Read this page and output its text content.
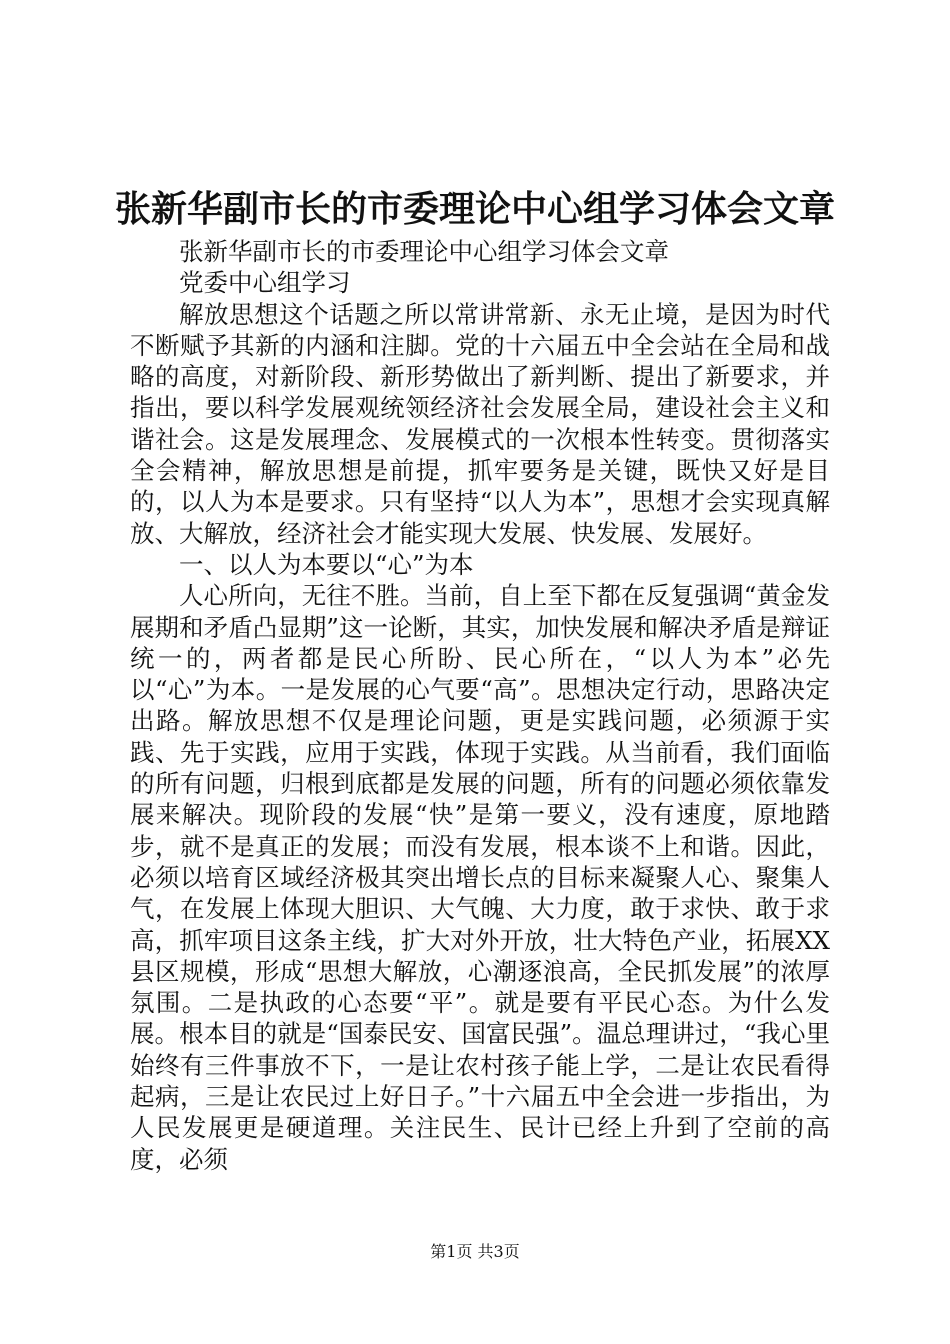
张新华副市长的市委理论中心组学习体会文章

张新华副市长的市委理论中心组学习体会文章

党委中心组学习

解放思想这个话题之所以常讲常新、永无止境，是因为时代不断赋予其新的内涵和注脚。党的十六届五中全会站在全局和战略的高度，对新阶段、新形势做出了新判断、提出了新要求，并指出，要以科学发展观统领经济社会发展全局，建设社会主义和谐社会。这是发展理念、发展模式的一次根本性转变。贯彻落实全会精神，解放思想是前提，抓牢要务是关键，既快又好是目的，以人为本是要求。只有坚持“以人为本”，思想才会实现真解放、大解放，经济社会才能实现大发展、快发展、发展好。

一、以人为本要以“心”为本

人心所向，无往不胜。当前，自上至下都在反复强调“黄金发展期和矛盾凸显期”这一论断，其实，加快发展和解决矛盾是辩证统一的，两者都是民心所盼、民心所在，“以人为本”必先以“心”为本。一是发展的心气要“高”。思想决定行动，思路决定出路。解放思想不仅是理论问题，更是实践问题，必须源于实践、先于实践，应用于实践，体现于实践。从当前看，我们面临的所有问题，归根到底都是发展的问题，所有的问题必须依靠发展来解决。现阶段的发展“快”是第一要义，没有速度，原地踏步，就不是真正的发展；而没有发展，根本谈不上和谐。因此，必须以培育区域经济极其突出增长点的目标来凝聚人心、聚集人气，在发展上体现大胆识、大气魄、大力度，敢于求快、敢于求高，抓牢项目这条主线，扩大对外开放，壮大特色产业，拓展XX县区规模，形成“思想大解放，心潮逐浪高，全民抓发展”的浓厚氛围。二是执政的心态要“平”。就是要有平民心态。为什么发展。根本目的就是“国泰民安、国富民强”。温总理讲过，“我心里始终有三件事放不下，一是让农村孩子能上学，二是让农民看得起病，三是让农民过上好日子。”十六届五中全会进一步指出，为人民发展更是硬道理。关注民生、民计已经上升到了空前的高度，必须

第1页 共3页
